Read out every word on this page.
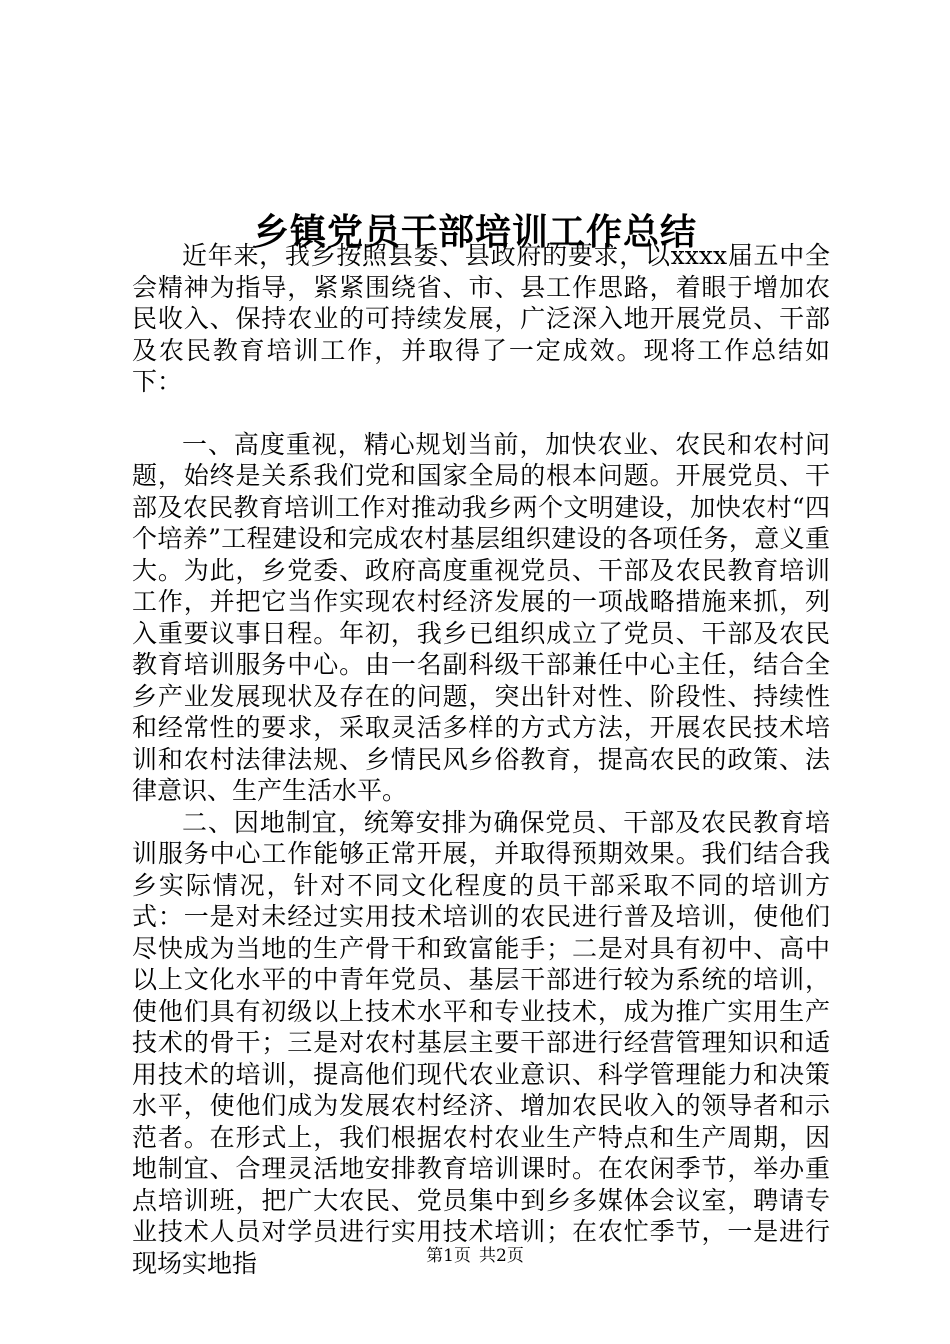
乡镇党员干部培训工作总结

近年来，我乡按照县委、县政府的要求，以xxxx届五中全会精神为指导，紧紧围绕省、市、县工作思路，着眼于增加农民收入、保持农业的可持续发展，广泛深入地开展党员、干部及农民教育培训工作，并取得了一定成效。现将工作总结如下：

一、高度重视，精心规划当前，加快农业、农民和农村问题，始终是关系我们党和国家全局的根本问题。开展党员、干部及农民教育培训工作对推动我乡两个文明建设，加快农村“四个培养”工程建设和完成农村基层组织建设的各项任务，意义重大。为此，乡党委、政府高度重视党员、干部及农民教育培训工作，并把它当作实现农村经济发展的一项战略措施来抓，列入重要议事日程。年初，我乡已组织成立了党员、干部及农民教育培训服务中心。由一名副科级干部兼任中心主任，结合全乡产业发展现状及存在的问题，突出针对性、阶段性、持续性和经常性的要求，采取灵活多样的方式方法，开展农民技术培训和农村法律法规、乡情民风乡俗教育，提高农民的政策、法律意识、生产生活水平。

二、因地制宜，统筹安排为确保党员、干部及农民教育培训服务中心工作能够正常开展，并取得预期效果。我们结合我乡实际情况，针对不同文化程度的员干部采取不同的培训方式：一是对未经过实用技术培训的农民进行普及培训，使他们尽快成为当地的生产骨干和致富能手；二是对具有初中、高中以上文化水平的中青年党员、基层干部进行较为系统的培训，使他们具有初级以上技术水平和专业技术，成为推广实用生产技术的骨干；三是对农村基层主要干部进行经营管理知识和适用技术的培训，提高他们现代农业意识、科学管理能力和决策水平，使他们成为发展农村经济、增加农民收入的领导者和示范者。在形式上，我们根据农村农业生产特点和生产周期，因地制宜、合理灵活地安排教育培训课时。在农闲季节，举办重点培训班，把广大农民、党员集中到乡多媒体会议室，聘请专业技术人员对学员进行实用技术培训；在农忙季节，一是进行现场实地指	第1页 共2页
